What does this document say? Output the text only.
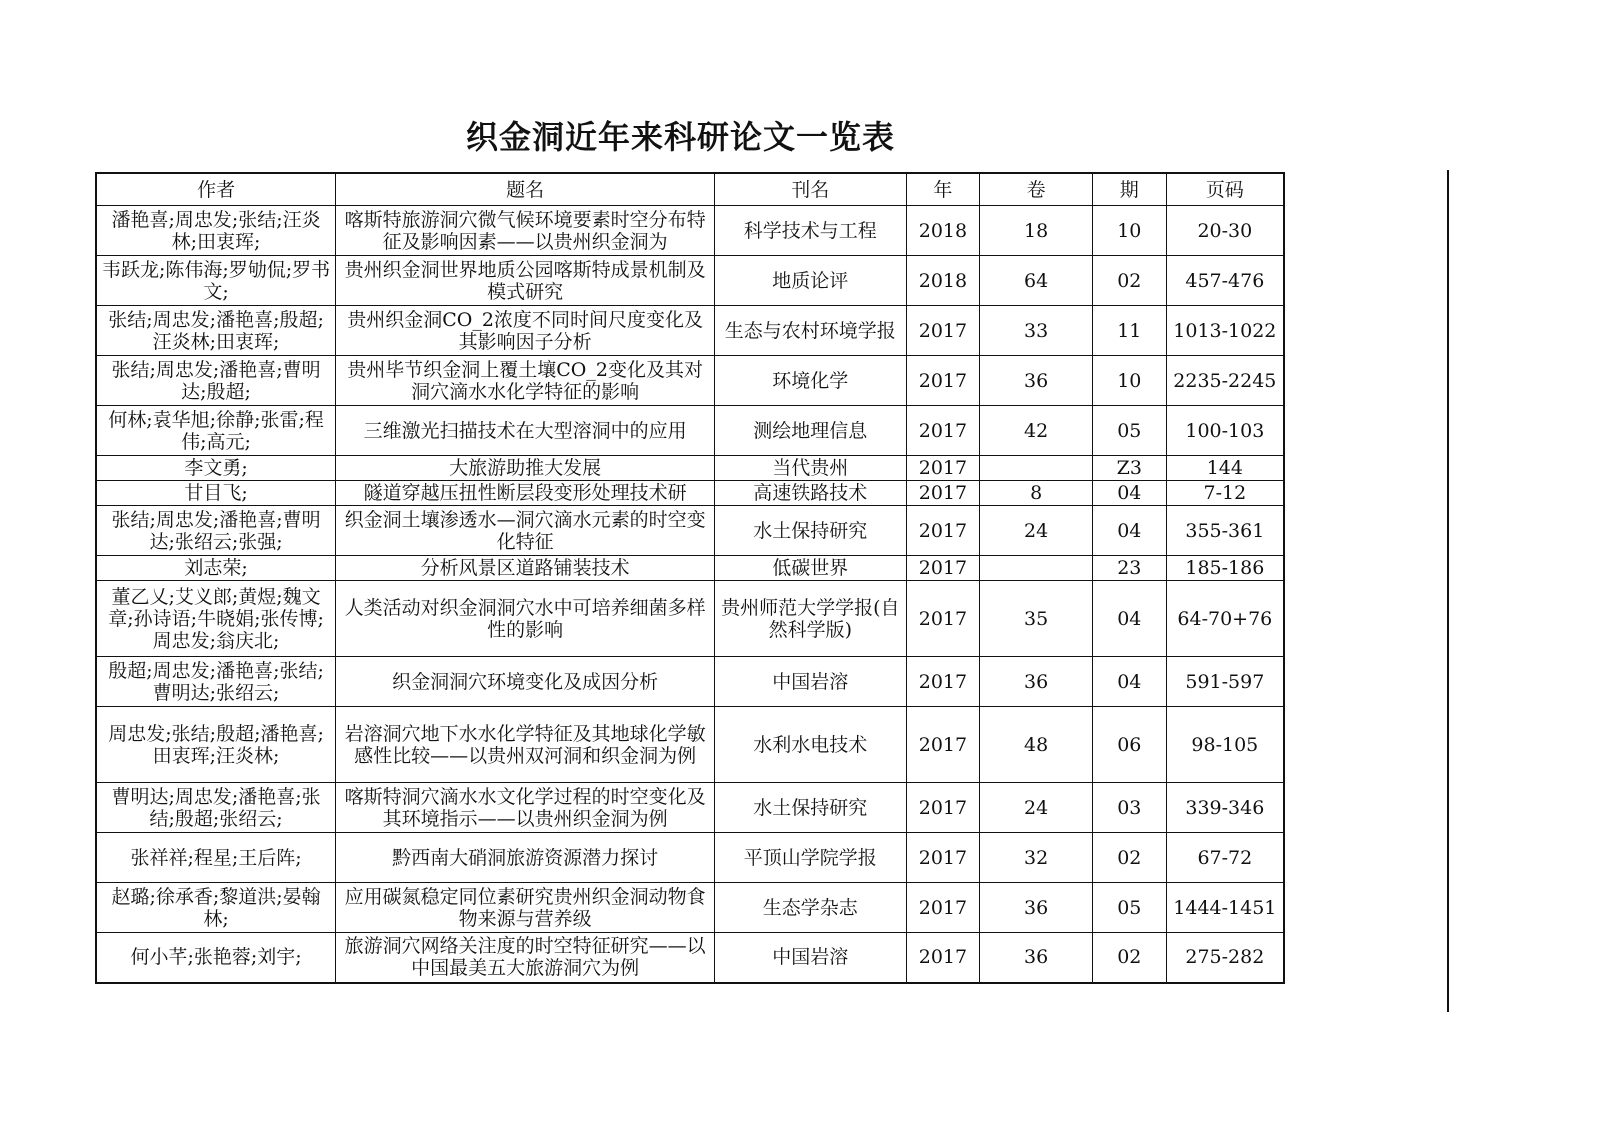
织金洞近年来科研论文一览表
作者	题名	刊名	年	卷	期	页码
潘艳喜;周忠发;张结;汪炎林;田衷珲;	喀斯特旅游洞穴微气候环境要素时空分布特征及影响因素——以贵州织金洞为	科学技术与工程	2018	18	10	20-30
韦跃龙;陈伟海;罗劬侃;罗书文;	贵州织金洞世界地质公园喀斯特成景机制及模式研究	地质论评	2018	64	02	457-476
张结;周忠发;潘艳喜;殷超;汪炎林;田衷珲;	贵州织金洞CO_2浓度不同时间尺度变化及其影响因子分析	生态与农村环境学报	2017	33	11	1013-1022
张结;周忠发;潘艳喜;曹明达;殷超;	贵州毕节织金洞上覆土壤CO_2变化及其对洞穴滴水水化学特征的影响	环境化学	2017	36	10	2235-2245
何林;袁华旭;徐静;张雷;程伟;高元;	三维激光扫描技术在大型溶洞中的应用	测绘地理信息	2017	42	05	100-103
李文勇;	大旅游助推大发展	当代贵州	2017		Z3	144
甘目飞;	隧道穿越压扭性断层段变形处理技术研	高速铁路技术	2017	8	04	7-12
张结;周忠发;潘艳喜;曹明达;张绍云;张强;	织金洞土壤渗透水—洞穴滴水元素的时空变化特征	水土保持研究	2017	24	04	355-361
刘志荣;	分析风景区道路铺装技术	低碳世界	2017		23	185-186
董乙乂;艾义郎;黄煜;魏文章;孙诗语;牛晓娟;张传博;周忠发;翁庆北;	人类活动对织金洞洞穴水中可培养细菌多样性的影响	贵州师范大学学报(自然科学版)	2017	35	04	64-70+76
殷超;周忠发;潘艳喜;张结;曹明达;张绍云;	织金洞洞穴环境变化及成因分析	中国岩溶	2017	36	04	591-597
周忠发;张结;殷超;潘艳喜;田衷珲;汪炎林;	岩溶洞穴地下水水化学特征及其地球化学敏感性比较——以贵州双河洞和织金洞为例	水利水电技术	2017	48	06	98-105
曹明达;周忠发;潘艳喜;张结;殷超;张绍云;	喀斯特洞穴滴水水文化学过程的时空变化及其环境指示——以贵州织金洞为例	水土保持研究	2017	24	03	339-346
张祥祥;程星;王后阵;	黔西南大硝洞旅游资源潜力探讨	平顶山学院学报	2017	32	02	67-72
赵璐;徐承香;黎道洪;晏翰林;	应用碳氮稳定同位素研究贵州织金洞动物食物来源与营养级	生态学杂志	2017	36	05	1444-1451
何小芊;张艳蓉;刘宇;	旅游洞穴网络关注度的时空特征研究——以中国最美五大旅游洞穴为例	中国岩溶	2017	36	02	275-282
